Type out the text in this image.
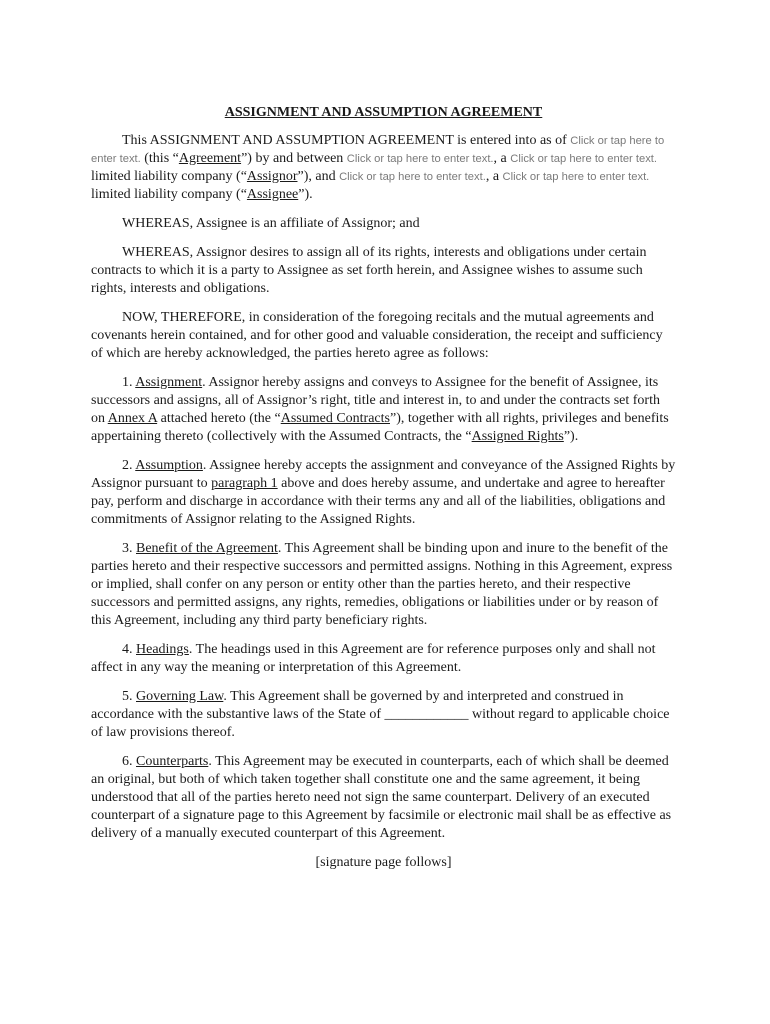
ASSIGNMENT AND ASSUMPTION AGREEMENT

This ASSIGNMENT AND ASSUMPTION AGREEMENT is entered into as of Click or tap here to enter text. (this “Agreement”) by and between Click or tap here to enter text., a Click or tap here to enter text. limited liability company (“Assignor”), and Click or tap here to enter text., a Click or tap here to enter text. limited liability company (“Assignee”).

WHEREAS, Assignee is an affiliate of Assignor; and

WHEREAS, Assignor desires to assign all of its rights, interests and obligations under certain contracts to which it is a party to Assignee as set forth herein, and Assignee wishes to assume such rights, interests and obligations.

NOW, THEREFORE, in consideration of the foregoing recitals and the mutual agreements and covenants herein contained, and for other good and valuable consideration, the receipt and sufficiency of which are hereby acknowledged, the parties hereto agree as follows:

1. Assignment. Assignor hereby assigns and conveys to Assignee for the benefit of Assignee, its successors and assigns, all of Assignor’s right, title and interest in, to and under the contracts set forth on Annex A attached hereto (the “Assumed Contracts”), together with all rights, privileges and benefits appertaining thereto (collectively with the Assumed Contracts, the “Assigned Rights”).

2. Assumption. Assignee hereby accepts the assignment and conveyance of the Assigned Rights by Assignor pursuant to paragraph 1 above and does hereby assume, and undertake and agree to hereafter pay, perform and discharge in accordance with their terms any and all of the liabilities, obligations and commitments of Assignor relating to the Assigned Rights.

3. Benefit of the Agreement. This Agreement shall be binding upon and inure to the benefit of the parties hereto and their respective successors and permitted assigns. Nothing in this Agreement, express or implied, shall confer on any person or entity other than the parties hereto, and their respective successors and permitted assigns, any rights, remedies, obligations or liabilities under or by reason of this Agreement, including any third party beneficiary rights.

4. Headings. The headings used in this Agreement are for reference purposes only and shall not affect in any way the meaning or interpretation of this Agreement.

5. Governing Law. This Agreement shall be governed by and interpreted and construed in accordance with the substantive laws of the State of ____________ without regard to applicable choice of law provisions thereof.

6. Counterparts. This Agreement may be executed in counterparts, each of which shall be deemed an original, but both of which taken together shall constitute one and the same agreement, it being understood that all of the parties hereto need not sign the same counterpart. Delivery of an executed counterpart of a signature page to this Agreement by facsimile or electronic mail shall be as effective as delivery of a manually executed counterpart of this Agreement.

[signature page follows]
